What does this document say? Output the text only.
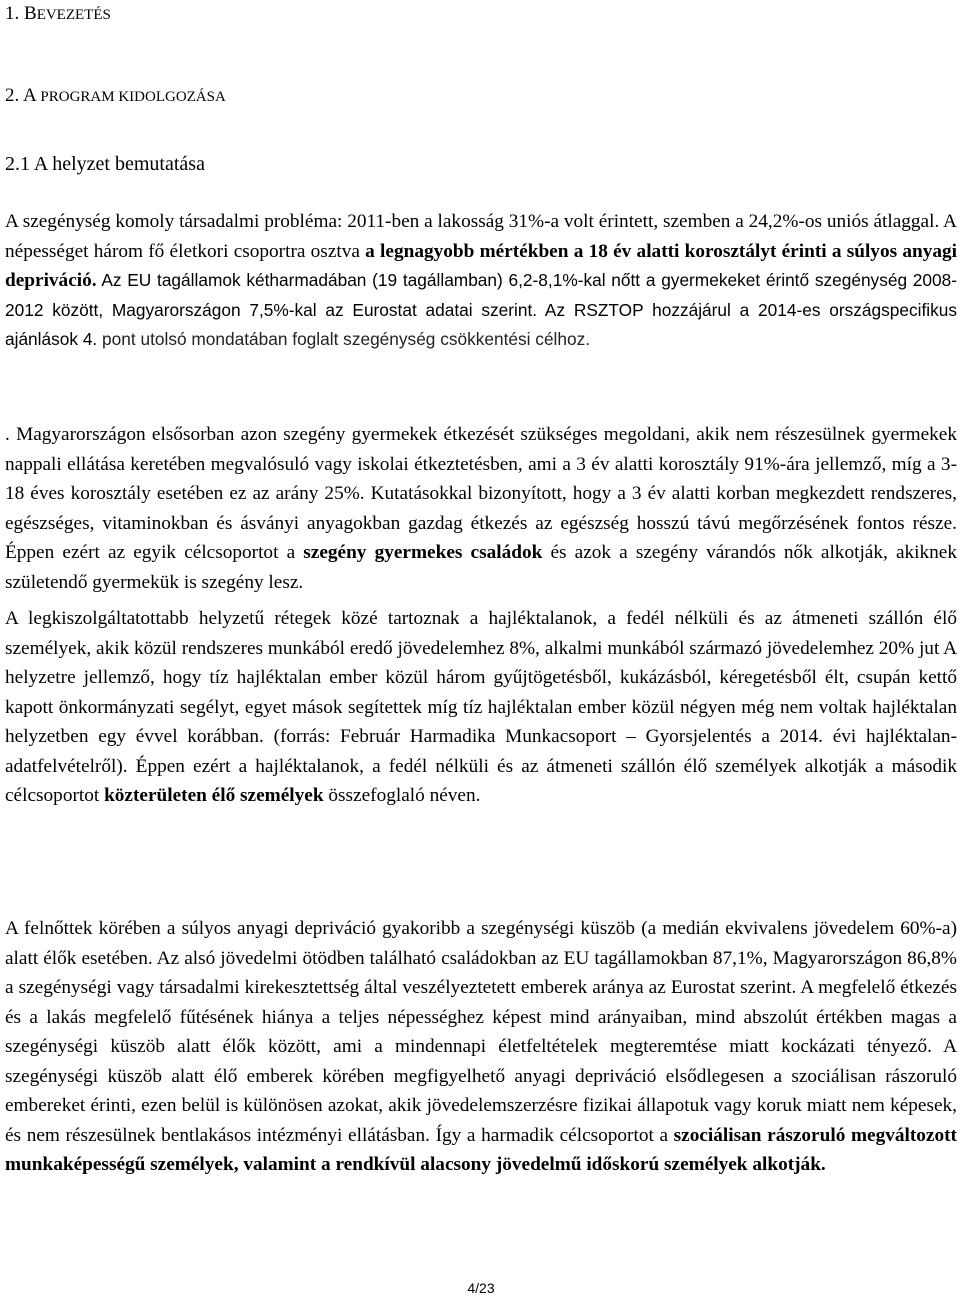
1. BEVEZETÉS
2. A PROGRAM KIDOLGOZÁSA
2.1 A helyzet bemutatása
A szegénység komoly társadalmi probléma: 2011-ben a lakosság 31%-a volt érintett, szemben a 24,2%-os uniós átlaggal. A népességet három fő életkori csoportra osztva a legnagyobb mértékben a 18 év alatti korosztályt érinti a súlyos anyagi depriváció. Az EU tagállamok kétharmadában (19 tagállamban) 6,2-8,1%-kal nőtt a gyermekeket érintő szegénység 2008-2012 között, Magyarországon 7,5%-kal az Eurostat adatai szerint. Az RSZTOP hozzájárul a 2014-es országspecifikus ajánlások 4. pont utolsó mondatában foglalt szegénység csökkentési célhoz.
. Magyarországon elsősorban azon szegény gyermekek étkezését szükséges megoldani, akik nem részesülnek gyermekek nappali ellátása keretében megvalósuló vagy iskolai étkeztetésben, ami a 3 év alatti korosztály 91%-ára jellemző, míg a 3-18 éves korosztály esetében ez az arány 25%. Kutatásokkal bizonyított, hogy a 3 év alatti korban megkezdett rendszeres, egészséges, vitaminokban és ásványi anyagokban gazdag étkezés az egészség hosszú távú megőrzésének fontos része. Éppen ezért az egyik célcsoportot a szegény gyermekes családok és azok a szegény várandós nők alkotják, akiknek születendő gyermekük is szegény lesz.
A legkiszolgáltatottabb helyzetű rétegek közé tartoznak a hajléktalanok, a fedél nélküli és az átmeneti szállón élő személyek, akik közül rendszeres munkából eredő jövedelemhez 8%, alkalmi munkából származó jövedelemhez 20% jut A helyzetre jellemző, hogy tíz hajléktalan ember közül három gyűjtögetésből, kukázásból, kéregetésből élt, csupán kettő kapott önkormányzati segélyt, egyet mások segítettek míg tíz hajléktalan ember közül négyen még nem voltak hajléktalan helyzetben egy évvel korábban. (forrás: Február Harmadika Munkacsoport – Gyorsjelentés a 2014. évi hajléktalan-adatfelvételről). Éppen ezért a hajléktalanok, a fedél nélküli és az átmeneti szállón élő személyek alkotják a második célcsoportot közterületen élő személyek összefoglaló néven.
A felnőttek körében a súlyos anyagi depriváció gyakoribb a szegénységi küszöb (a medián ekvivalens jövedelem 60%-a) alatt élők esetében. Az alsó jövedelmi ötödben található családokban az EU tagállamokban 87,1%, Magyarországon 86,8% a szegénységi vagy társadalmi kirekesztettség által veszélyeztetett emberek aránya az Eurostat szerint. A megfelelő étkezés és a lakás megfelelő fűtésének hiánya a teljes népességhez képest mind arányaiban, mind abszolút értékben magas a szegénységi küszöb alatt élők között, ami a mindennapi életfeltételek megteremtése miatt kockázati tényező. A szegénységi küszöb alatt élő emberek körében megfigyelhető anyagi depriváció elsődlegesen a szociálisan rászoruló embereket érinti, ezen belül is különösen azokat, akik jövedelemszerzésre fizikai állapotuk vagy koruk miatt nem képesek, és nem részesülnek bentlakásos intézményi ellátásban. Így a harmadik célcsoportot a szociálisan rászoruló megváltozott munkaképességű személyek, valamint a rendkívül alacsony jövedelmű időskorú személyek alkotják.
4/23
